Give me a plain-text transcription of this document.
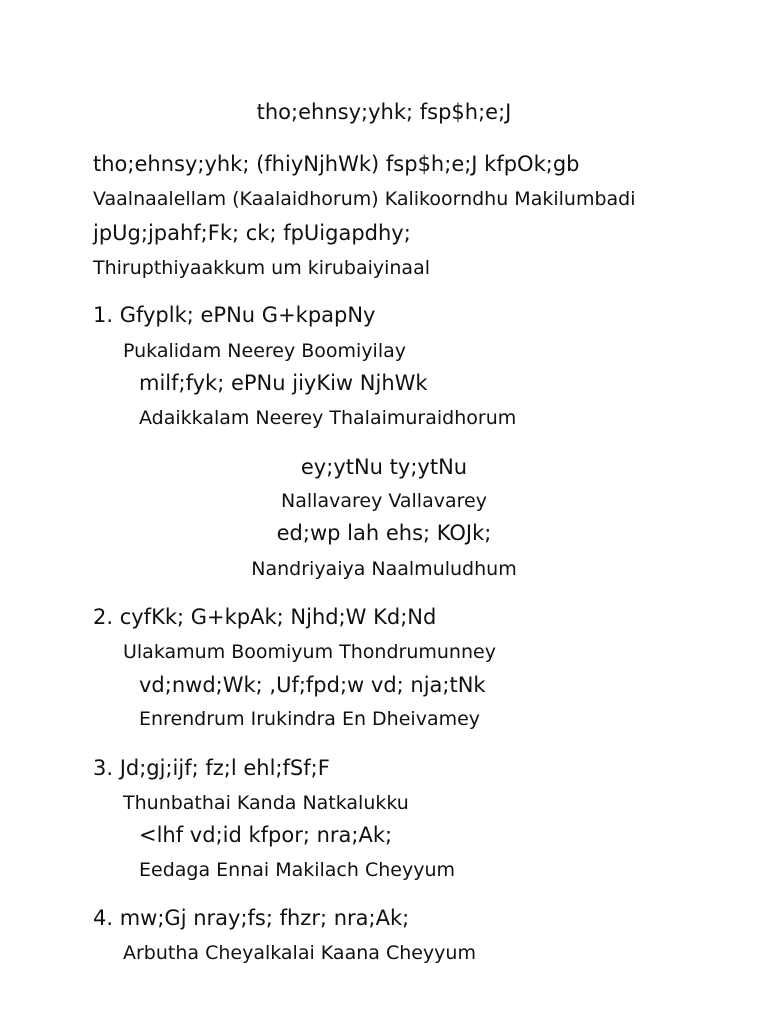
tho;ehnsy;yhk; fsp$h;e;J
tho;ehnsy;yhk; (fhiyNjhWk) fsp$h;e;J kfpOk;gb
Vaalnaalellam (Kaalaidhorum) Kalikoorndhu Makilumbadi
jpUg;jpahf;Fk; ck; fpUigapdhy;
Thirupthiyaakkum um kirubaiyinaal
1. Gfyplk; ePNu G+kpapNy
Pukalidam Neerey Boomiyilay
milf;fyk; ePNu jiyKiw NjhWk
Adaikkalam Neerey Thalaimuraidhorum
ey;ytNu ty;ytNu
Nallavarey Vallavarey
ed;wp lah ehs; KOJk;
Nandriyaiya Naalmuludhum
2. cyfKk; G+kpAk; Njhd;W Kd;Nd
Ulakamum Boomiyum Thondrumunney
vd;nwd;Wk; ,Uf;fpd;w vd; nja;tNk
Enrendrum Irukindra En Dheivamey
3. Jd;gj;ijf; fz;l ehl;fSf;F
Thunbathai Kanda Natkalukku
<lhf vd;id kfpor; nra;Ak;
Eedaga Ennai Makilach Cheyyum
4. mw;Gj nray;fs; fhzr; nra;Ak;
Arbutha Cheyalkalai Kaana Cheyyum
